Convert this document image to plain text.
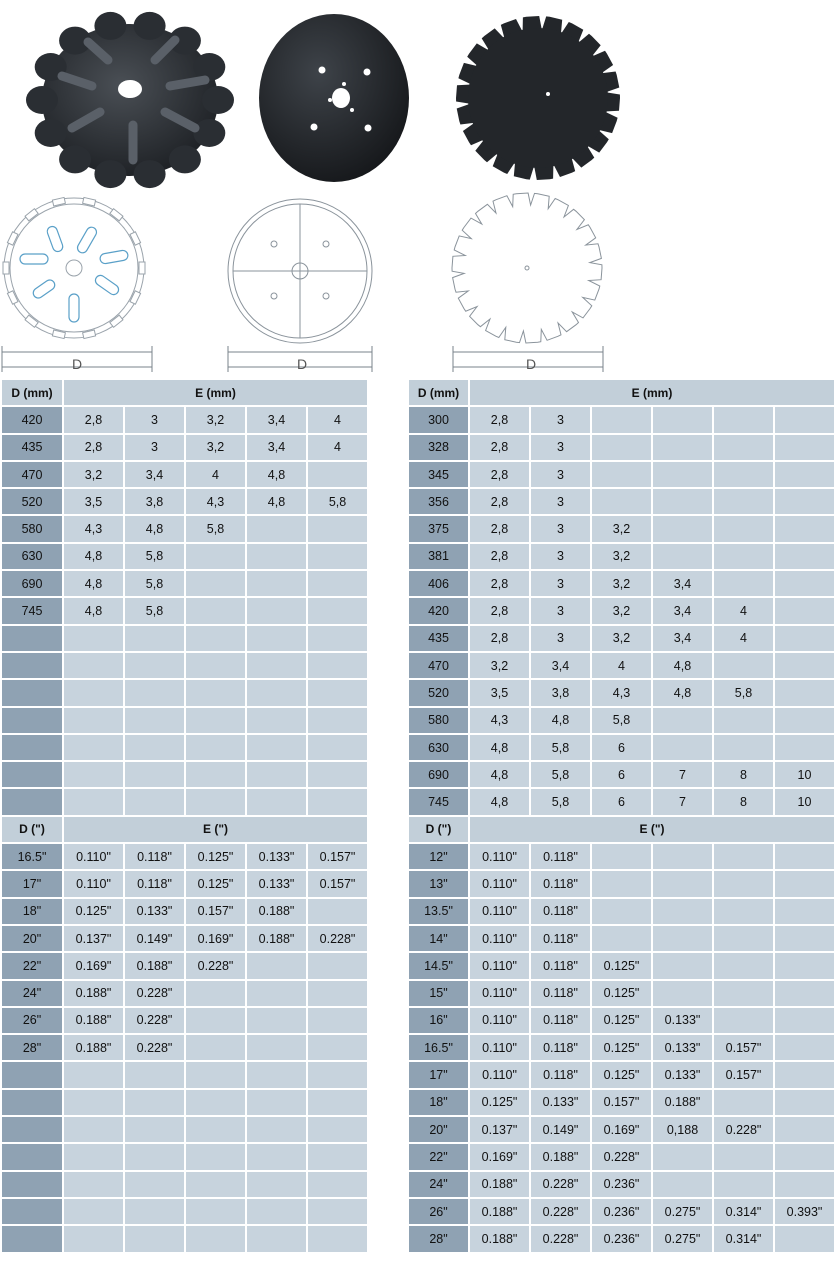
D	D	D
D (mm)	E (mm)				
420	2,8	3	3,2	3,4	4
435	2,8	3	3,2	3,4	4
470	3,2	3,4	4	4,8	
520	3,5	3,8	4,3	4,8	5,8
580	4,3	4,8	5,8		
630	4,8	5,8			
690	4,8	5,8			
745	4,8	5,8			

D (")	E (")				
16.5"	0.110"	0.118"	0.125"	0.133"	0.157"
17"	0.110"	0.118"	0.125"	0.133"	0.157"
18"	0.125"	0.133"	0.157"	0.188"	
20"	0.137"	0.149"	0.169"	0.188"	0.228"
22"	0.169"	0.188"	0.228"		
24"	0.188"	0.228"			
26"	0.188"	0.228"			
28"	0.188"	0.228"			

D (mm)	E (mm)					
300	2,8	3				
328	2,8	3				
345	2,8	3				
356	2,8	3				
375	2,8	3	3,2			
381	2,8	3	3,2			
406	2,8	3	3,2	3,4		
420	2,8	3	3,2	3,4	4	
435	2,8	3	3,2	3,4	4	
470	3,2	3,4	4	4,8		
520	3,5	3,8	4,3	4,8	5,8	
580	4,3	4,8	5,8			
630	4,8	5,8	6			
690	4,8	5,8	6	7	8	10
745	4,8	5,8	6	7	8	10
D (")	E (")					
12"	0.110"	0.118"				
13"	0.110"	0.118"				
13.5"	0.110"	0.118"				
14"	0.110"	0.118"				
14.5"	0.110"	0.118"	0.125"			
15"	0.110"	0.118"	0.125"			
16"	0.110"	0.118"	0.125"	0.133"		
16.5"	0.110"	0.118"	0.125"	0.133"	0.157"	
17"	0.110"	0.118"	0.125"	0.133"	0.157"	
18"	0.125"	0.133"	0.157"	0.188"		
20"	0.137"	0.149"	0.169"	0,188	0.228"	
22"	0.169"	0.188"	0.228"			
24"	0.188"	0.228"	0.236"			
26"	0.188"	0.228"	0.236"	0.275"	0.314"	0.393"
28"	0.188"	0.228"	0.236"	0.275"	0.314"	
